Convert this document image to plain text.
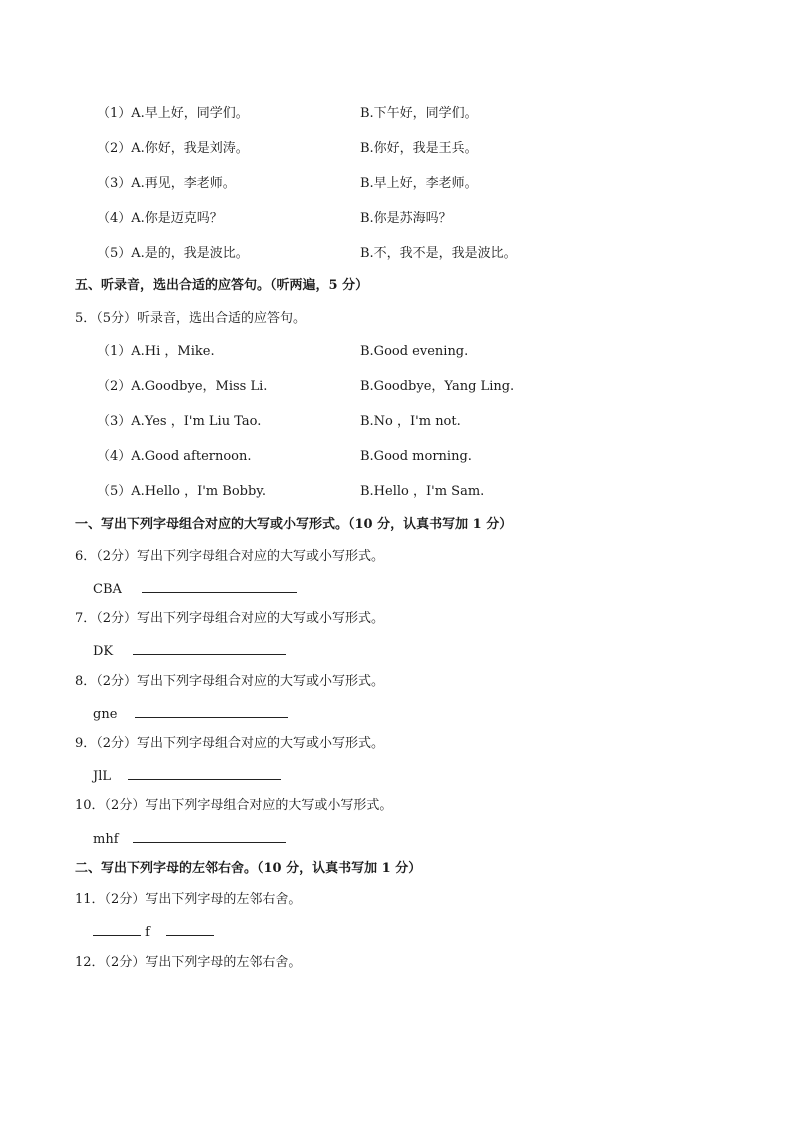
（1）A.早上好，同学们。	B.下午好，同学们。
（2）A.你好，我是刘涛。	B.你好，我是王兵。
（3）A.再见，李老师。	B.早上好，李老师。
（4）A.你是迈克吗？	B.你是苏海吗？
（5）A.是的，我是波比。	B.不，我不是，我是波比。
五、听录音，选出合适的应答句。（听两遍，5 分）
5．（5分）听录音，选出合适的应答句。
（1）A.Hi ，Mike.	B.Good evening.
（2）A.Goodbye，Miss Li.	B.Goodbye，Yang Ling.
（3）A.Yes ，I'm Liu Tao.	B.No ，I'm not.
（4）A.Good afternoon.	B.Good morning.
（5）A.Hello ，I'm Bobby.	B.Hello ，I'm Sam.
一、写出下列字母组合对应的大写或小写形式。（10 分，认真书写加 1 分）
6．（2分）写出下列字母组合对应的大写或小写形式。
CBA
7．（2分）写出下列字母组合对应的大写或小写形式。
DK
8．（2分）写出下列字母组合对应的大写或小写形式。
gne
9．（2分）写出下列字母组合对应的大写或小写形式。
JlL
10．（2分）写出下列字母组合对应的大写或小写形式。
mhf
二、写出下列字母的左邻右舍。（10 分，认真书写加 1 分）
11．（2分）写出下列字母的左邻右舍。
f
12．（2分）写出下列字母的左邻右舍。
